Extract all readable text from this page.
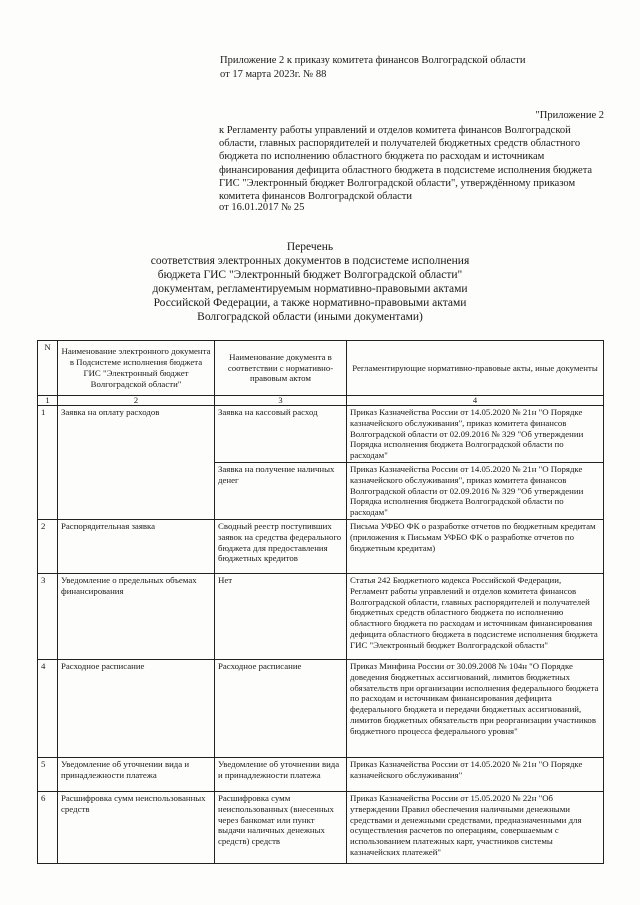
Приложение 2 к приказу комитета финансов Волгоградской области
от 17 марта 2023г. № 88
"Приложение 2
к Регламенту работы управлений и отделов комитета финансов Волгоградской области, главных распорядителей и получателей бюджетных средств областного бюджета по исполнению областного бюджета по расходам и источникам финансирования дефицита областного бюджета в подсистеме исполнения бюджета ГИС "Электронный бюджет Волгоградской области", утверждённому приказом комитета финансов Волгоградской области
от 16.01.2017 № 25
Перечень
соответствия электронных документов в подсистеме исполнения бюджета ГИС "Электронный бюджет Волгоградской области" документам, регламентируемым нормативно-правовыми актами Российской Федерации, а также нормативно-правовыми актами Волгоградской области (иными документами)
N	Наименование электронного документа в Подсистеме исполнения бюджета ГИС "Электронный бюджет Волгоградской области"	Наименование документа в соответствии с нормативно-правовым актом	Регламентирующие нормативно-правовые акты, иные документы
1	2	3	4
1	Заявка на оплату расходов	Заявка на кассовый расход	Приказ Казначейства России от 14.05.2020 № 21н "О Порядке казначейского обслуживания", приказ комитета финансов Волгоградской области от 02.09.2016 № 329 "Об утверждении Порядка исполнения бюджета Волгоградской области по расходам"
		Заявка на получение наличных денег	Приказ Казначейства России от 14.05.2020 № 21н "О Порядке казначейского обслуживания", приказ комитета финансов Волгоградской области от 02.09.2016 № 329 "Об утверждении Порядка исполнения бюджета Волгоградской области по расходам"
2	Распорядительная заявка	Сводный реестр поступивших заявок на средства федерального бюджета для предоставления бюджетных кредитов	Письма УФБО ФК о разработке отчетов по бюджетным кредитам (приложения к Письмам УФБО ФК о разработке отчетов по бюджетным кредитам)
3	Уведомление о предельных объемах финансирования	Нет	Статья 242 Бюджетного кодекса Российской Федерации, Регламент работы управлений и отделов комитета финансов Волгоградской области, главных распорядителей и получателей бюджетных средств областного бюджета по исполнению областного бюджета по расходам и источникам финансирования дефицита областного бюджета в подсистеме исполнения бюджета ГИС "Электронный бюджет Волгоградской области"
4	Расходное расписание	Расходное расписание	Приказ Минфина России от 30.09.2008 № 104н "О Порядке доведения бюджетных ассигнований, лимитов бюджетных обязательств при организации исполнения федерального бюджета по расходам и источникам финансирования дефицита федерального бюджета и передачи бюджетных ассигнований, лимитов бюджетных обязательств при реорганизации участников бюджетного процесса федерального уровня"
5	Уведомление об уточнении вида и принадлежности платежа	Уведомление об уточнении вида и принадлежности платежа	Приказ Казначейства России от 14.05.2020 № 21н "О Порядке казначейского обслуживания"
6	Расшифровка сумм неиспользованных средств	Расшифровка сумм неиспользованных (внесенных через банкомат или пункт выдачи наличных денежных средств) средств	Приказ Казначейства России от 15.05.2020 № 22н "Об утверждении Правил обеспечения наличными денежными средствами и денежными средствами, предназначенными для осуществления расчетов по операциям, совершаемым с использованием платежных карт, участников системы казначейских платежей"
